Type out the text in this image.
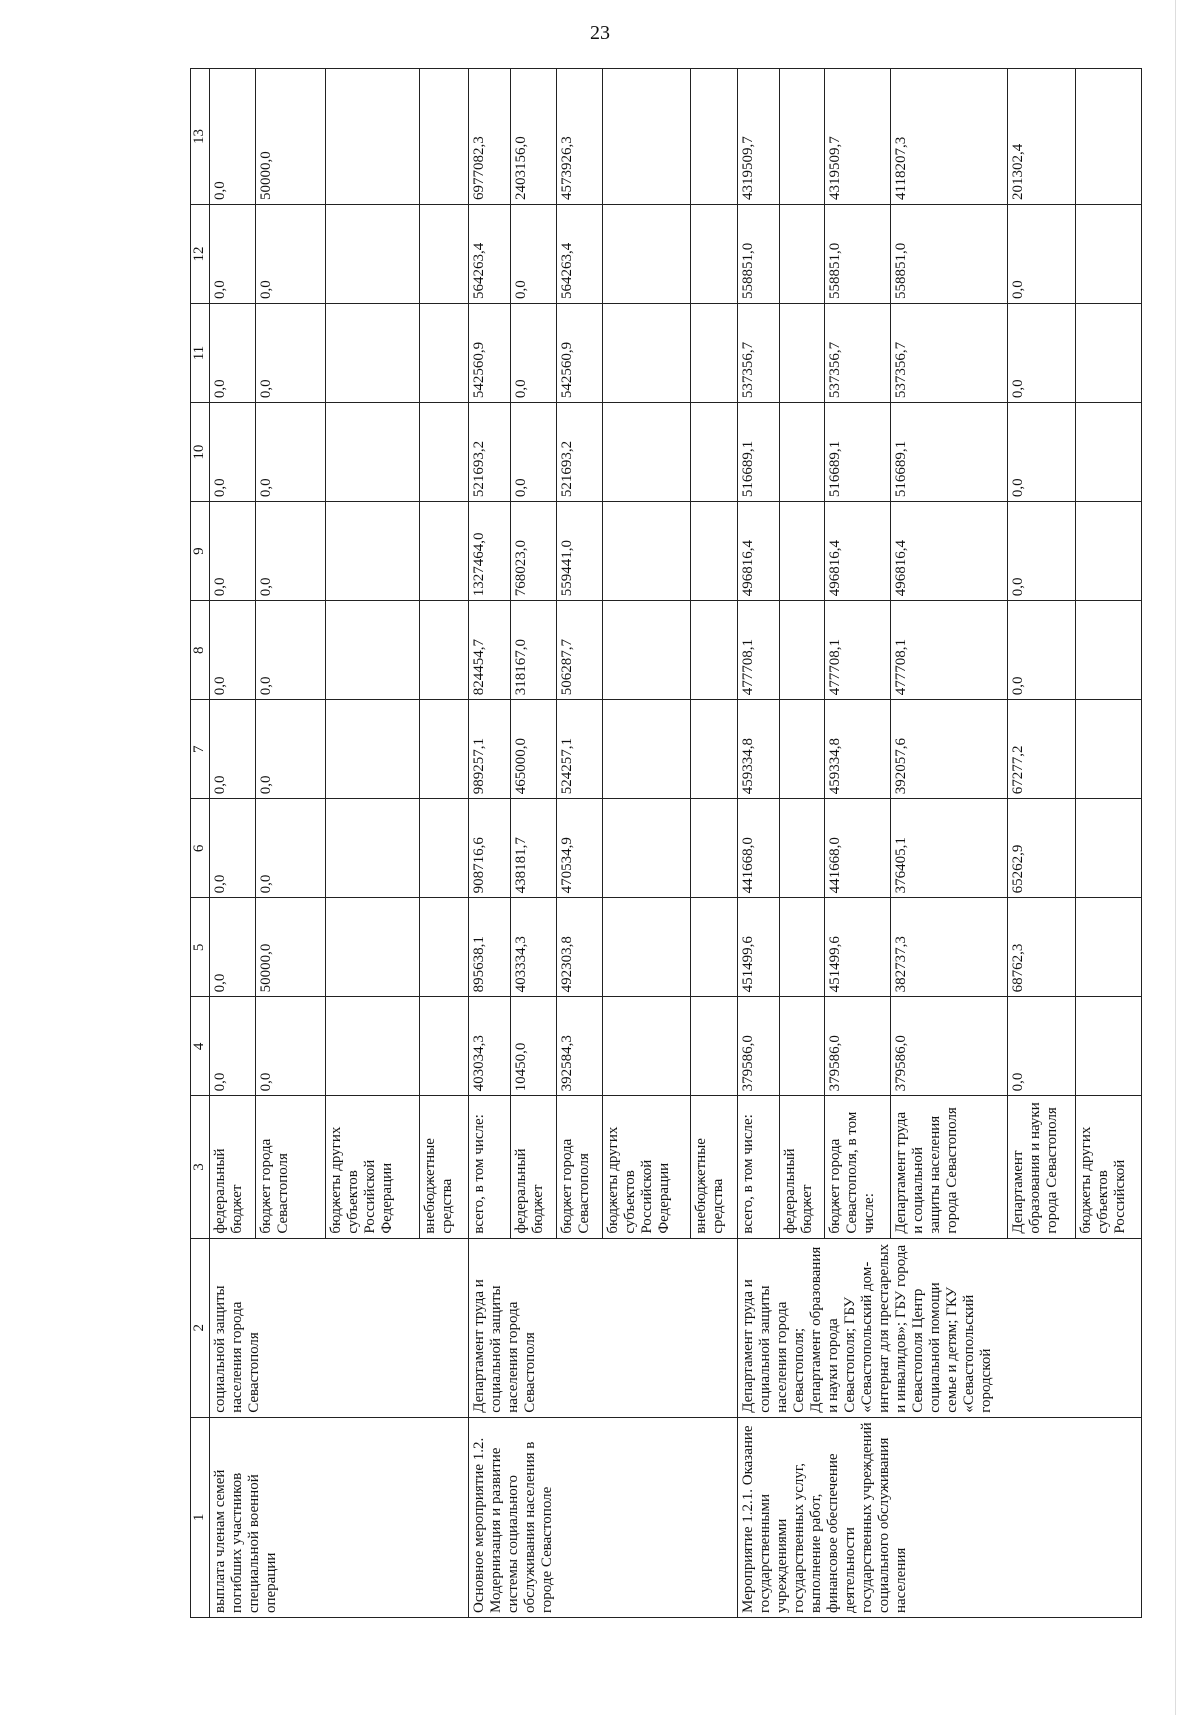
23
1	2	3	4	5	6	7	8	9	10	11	12	13
выплата членам семей погибших участников специальной военной операции	социальной защиты населения города Севастополя	федеральный бюджет	0,0	0,0	0,0	0,0	0,0	0,0	0,0	0,0	0,0	0,0
		бюджет города Севастополя	0,0	50000,0	0,0	0,0	0,0	0,0	0,0	0,0	0,0	50000,0
		бюджеты других субъектов Российской Федерации										
		внебюджетные средства										
Основное мероприятие 1.2. Модернизация и развитие системы социального обслуживания населения в городе Севастополе	Департамент труда и социальной защиты населения города Севастополя	всего, в том числе:	403034,3	895638,1	908716,6	989257,1	824454,7	1327464,0	521693,2	542560,9	564263,4	6977082,3
		федеральный бюджет	10450,0	403334,3	438181,7	465000,0	318167,0	768023,0	0,0	0,0	0,0	2403156,0
		бюджет города Севастополя	392584,3	492303,8	470534,9	524257,1	506287,7	559441,0	521693,2	542560,9	564263,4	4573926,3
		бюджеты других субъектов Российской Федерации										
		внебюджетные средства										
Мероприятие 1.2.1. Оказание государственными учреждениями государственных услуг, выполнение работ, финансовое обеспечение деятельности государственных учреждений социального обслуживания населения	Департамент труда и социальной защиты населения города Севастополя; Департамент образования и науки города Севастополя; ГБУ «Севастопольский дом-интернат для престарелых и инвалидов»; ГБУ города Севастополя Центр социальной помощи семье и детям; ГКУ «Севастопольский городской	всего, в том числе:	379586,0	451499,6	441668,0	459334,8	477708,1	496816,4	516689,1	537356,7	558851,0	4319509,7
		федеральный бюджет										
		бюджет города Севастополя, в том числе:	379586,0	451499,6	441668,0	459334,8	477708,1	496816,4	516689,1	537356,7	558851,0	4319509,7
		Департамент труда и социальной защиты населения города Севастополя	379586,0	382737,3	376405,1	392057,6	477708,1	496816,4	516689,1	537356,7	558851,0	4118207,3
		Департамент образования и науки города Севастополя	0,0	68762,3	65262,9	67277,2	0,0	0,0	0,0	0,0	0,0	201302,4
		бюджеты других субъектов Российской										
